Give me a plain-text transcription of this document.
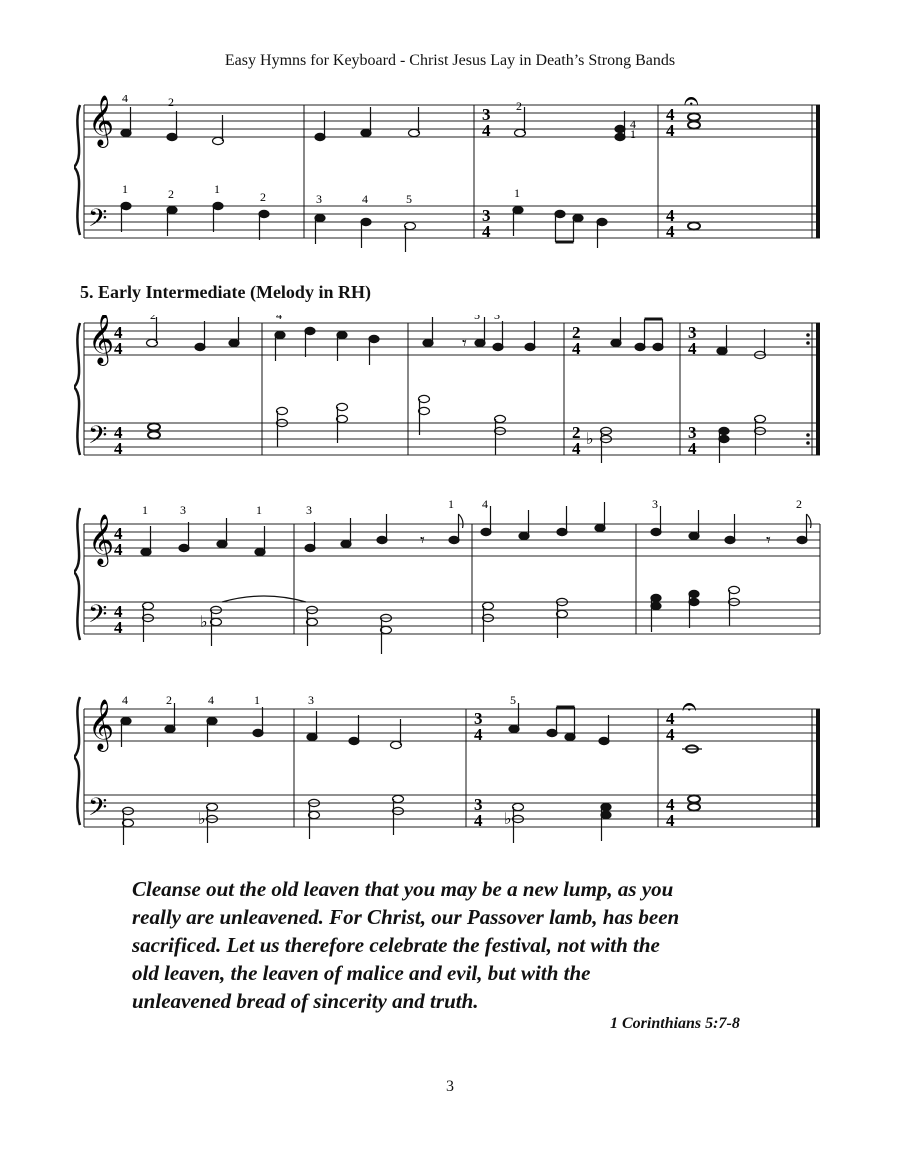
Easy Hymns for Keyboard - Christ Jesus Lay in Death’s Strong Bands
𝄞
𝄢
3
4
3
4
4
4
4
4
𝄐
4	2	2
4
1
1	2	1
2	3	4	5	1
5. Early Intermediate (Melody in RH)
𝄞
𝄢
4
4
4
4
2
4
2
4
3
4
3
4
𝄾
♭
2	4	5 3
𝄞
𝄢
4
4
4
4
𝄾	𝄾
♭
1	3	1	3	1 4	3	2
𝄞
𝄢
3
4
3
4
4
4
4
4
𝄐
♭	♭
4	2	4	1	3	5
Cleanse out the old leaven that you may be a new lump, as you
really are unleavened. For Christ, our Passover lamb, has been
sacrificed. Let us therefore celebrate the festival, not with the
old leaven, the leaven of malice and evil, but with the
unleavened bread of sincerity and truth.
1 Corinthians 5:7-8
3
